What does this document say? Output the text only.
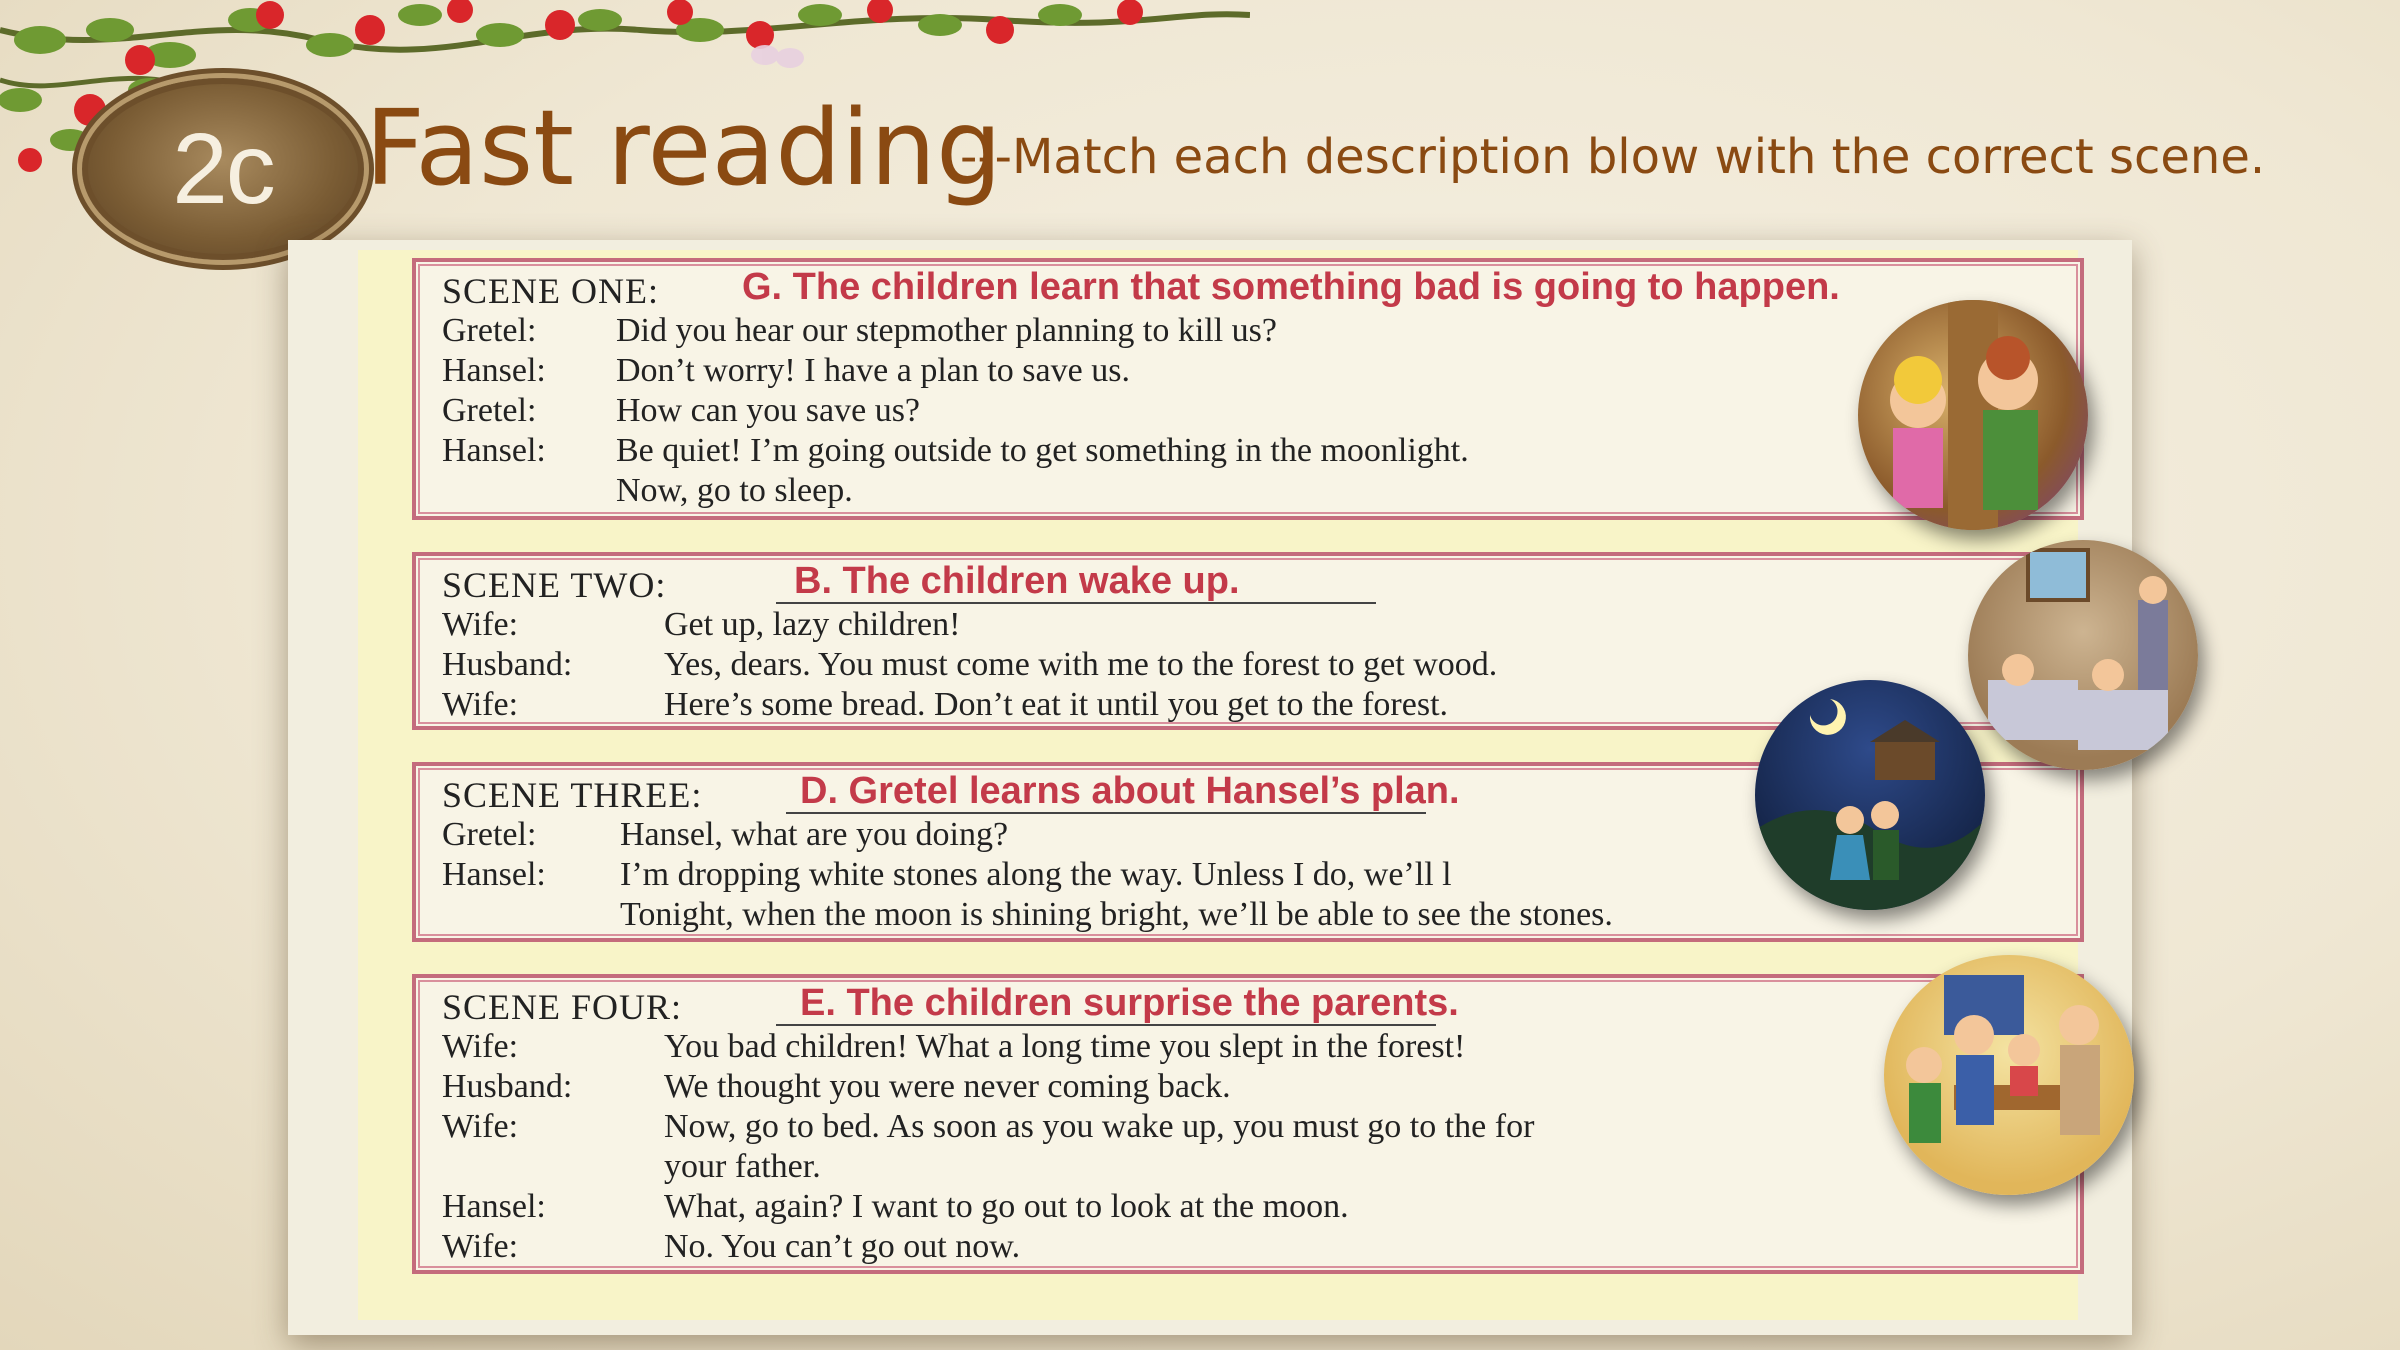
2c Fast reading
---Match each description blow with the correct scene.
SCENE ONE: G. The children learn that something bad is going to happen.
Gretel: Did you hear our stepmother planning to kill us?
Hansel: Don’t worry! I have a plan to save us.
Gretel: How can you save us?
Hansel: Be quiet! I’m going outside to get something in the moonlight.
Now, go to sleep.
SCENE TWO:	B. The children wake up.
Wife:	Get up, lazy children!
Husband:	Yes, dears. You must come with me to the forest to get wood.
Wife:	Here’s some bread. Don’t eat it until you get to the forest.
SCENE THREE:	D. Gretel learns about Hansel’s plan.
Gretel: Hansel, what are you doing?
Hansel: I’m dropping white stones along the way. Unless I do, we’ll l
Tonight, when the moon is shining bright, we’ll be able to see the stones.
SCENE FOUR:	E. The children surprise the parents.
Wife:	You bad children! What a long time you slept in the forest!
Husband:	We thought you were never coming back.
Wife:	Now, go to bed. As soon as you wake up, you must go to the for
your father.
Hansel:	What, again? I want to go out to look at the moon.
Wife:	No. You can’t go out now.
